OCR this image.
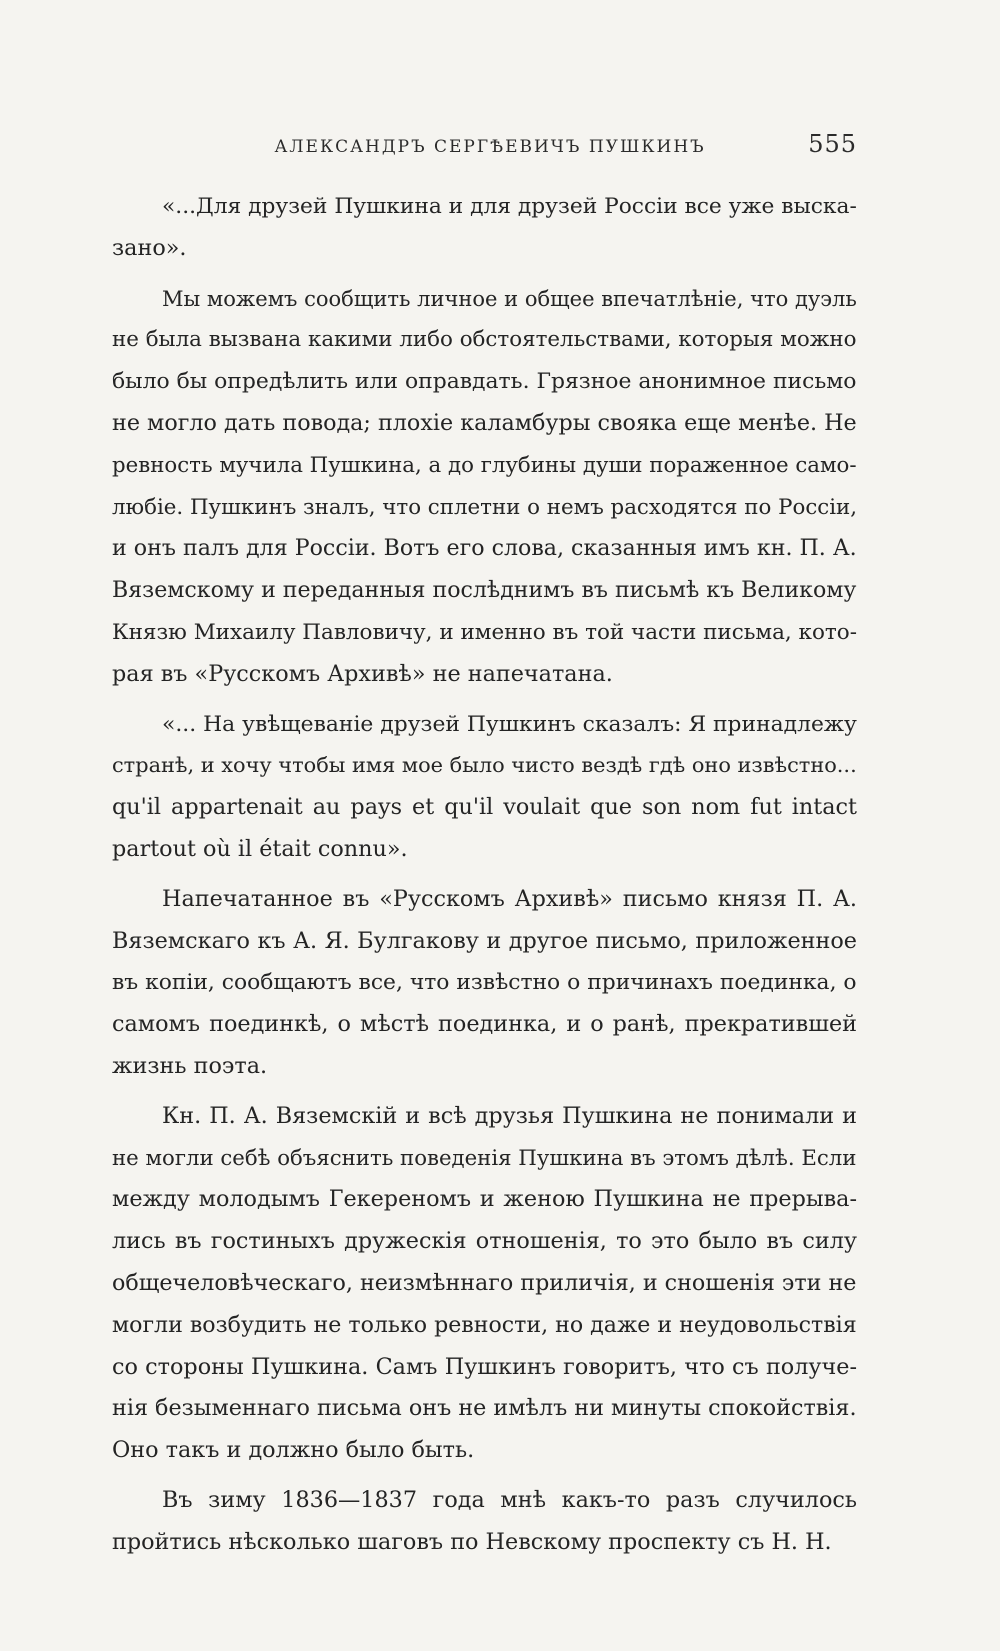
АЛЕКСАНДРЪ СЕРГѢЕВИЧЪ ПУШКИНЪ	555
«...Для друзей Пушкина и для друзей Россіи все уже выска-
зано».
Мы можемъ сообщить личное и общее впечатлѣніе, что дуэль
не была вызвана какими либо обстоятельствами, которыя можно
было бы опредѣлить или оправдать. Грязное анонимное письмо
не могло дать повода; плохіе каламбуры свояка еще менѣе. Не
ревность мучила Пушкина, а до глубины души пораженное само-
любіе. Пушкинъ зналъ, что сплетни о немъ расходятся по Россіи,
и онъ палъ для Россіи. Вотъ его слова, сказанныя имъ кн. П. А.
Вяземскому и переданныя послѣднимъ въ письмѣ къ Великому
Князю Михаилу Павловичу, и именно въ той части письма, кото-
рая въ «Русскомъ Архивѣ» не напечатана.
«... На увѣщеваніе друзей Пушкинъ сказалъ: Я принадлежу
странѣ, и хочу чтобы имя мое было чисто вездѣ гдѣ оно извѣстно...
qu'il appartenait au pays et qu'il voulait que son nom fut intact
partout où il était connu».
Напечатанное въ «Русскомъ Архивѣ» письмо князя П. А.
Вяземскаго къ А. Я. Булгакову и другое письмо, приложенное
въ копіи, сообщаютъ все, что извѣстно о причинахъ поединка, о
самомъ поединкѣ, о мѣстѣ поединка, и о ранѣ, прекратившей
жизнь поэта.
Кн. П. А. Вяземскій и всѣ друзья Пушкина не понимали и
не могли себѣ объяснить поведенія Пушкина въ этомъ дѣлѣ. Если
между молодымъ Гекереномъ и женою Пушкина не прерыва-
лись въ гостиныхъ дружескія отношенія, то это было въ силу
общечеловѣческаго, неизмѣннаго приличія, и сношенія эти не
могли возбудить не только ревности, но даже и неудовольствія
со стороны Пушкина. Самъ Пушкинъ говоритъ, что съ получе-
нія безыменнаго письма онъ не имѣлъ ни минуты спокойствія.
Оно такъ и должно было быть.
Въ зиму 1836—1837 года мнѣ какъ-то разъ случилось
пройтись нѣсколько шаговъ по Невскому проспекту съ Н. Н.
